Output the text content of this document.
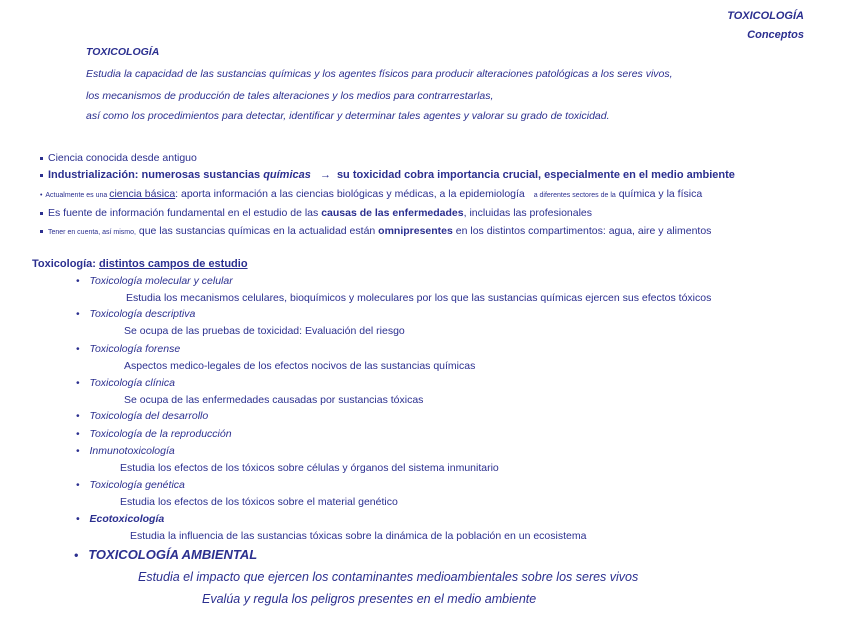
TOXICOLOGÍA
Conceptos
TOXICOLOGÍA
Estudia la capacidad de las sustancias químicas y los agentes físicos para producir alteraciones patológicas a los seres vivos,
los mecanismos de producción de tales alteraciones y los medios para contrarrestarlas,
así como los procedimientos para detectar, identificar y determinar tales agentes y valorar su grado de toxicidad.
Ciencia conocida desde antiguo
Industrialización: numerosas sustancias químicas → su toxicidad cobra importancia crucial, especialmente en el medio ambiente
• Actualmente es una ciencia básica: aporta información a las ciencias biológicas y médicas, a la epidemiología a diferentes sectores de la química y la física
Es fuente de información fundamental en el estudio de las causas de las enfermedades, incluidas las profesionales
Tener en cuenta, así mismo, que las sustancias químicas en la actualidad están omnipresentes en los distintos compartimentos: agua, aire y alimentos
Toxicología: distintos campos de estudio
• Toxicología molecular y celular
Estudia los mecanismos celulares, bioquímicos y moleculares por los que las sustancias químicas ejercen sus efectos tóxicos
• Toxicología descriptiva
Se ocupa de las pruebas de toxicidad: Evaluación del riesgo
• Toxicología forense
Aspectos medico-legales de los efectos nocivos de las sustancias químicas
• Toxicología clínica
Se ocupa de las enfermedades causadas por sustancias tóxicas
• Toxicología del desarrollo
• Toxicología de la reproducción
• Inmunotoxicología
Estudia los efectos de los tóxicos sobre células y órganos del sistema inmunitario
• Toxicología genética
Estudia los efectos de los tóxicos sobre el material genético
• Ecotoxicología
Estudia la influencia de las sustancias tóxicas sobre la dinámica de la población en un ecosistema
• TOXICOLOGÍA AMBIENTAL
Estudia el impacto que ejercen los contaminantes medioambientales sobre los seres vivos
Evalúa y regula los peligros presentes en el medio ambiente
